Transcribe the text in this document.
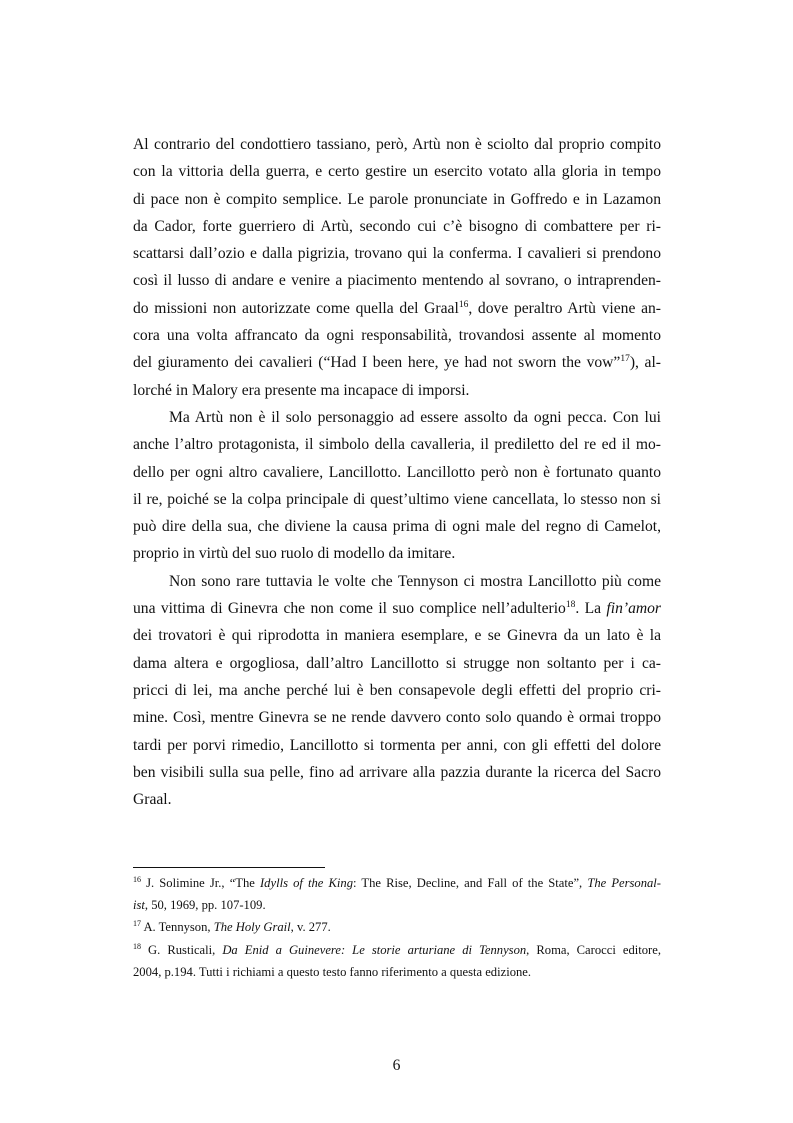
Al contrario del condottiero tassiano, però, Artù non è sciolto dal proprio compito
con la vittoria della guerra, e certo gestire un esercito votato alla gloria in tempo
di pace non è compito semplice. Le parole pronunciate in Goffredo e in Lazamon
da Cador, forte guerriero di Artù, secondo cui c’è bisogno di combattere per ri-
scattarsi dall’ozio e dalla pigrizia, trovano qui la conferma. I cavalieri si prendono
così il lusso di andare e venire a piacimento mentendo al sovrano, o intraprenden-
do missioni non autorizzate come quella del Graal$^{16}$, dove peraltro Artù viene an-
cora una volta affrancato da ogni responsabilità, trovandosi assente al momento
del giuramento dei cavalieri (“Had I been here, ye had not sworn the vow”$^{17}$), al-
lorché in Malory era presente ma incapace di imporsi.
Ma Artù non è il solo personaggio ad essere assolto da ogni pecca. Con lui
anche l’altro protagonista, il simbolo della cavalleria, il prediletto del re ed il mo-
dello per ogni altro cavaliere, Lancillotto. Lancillotto però non è fortunato quanto
il re, poiché se la colpa principale di quest’ultimo viene cancellata, lo stesso non si
può dire della sua, che diviene la causa prima di ogni male del regno di Camelot,
proprio in virtù del suo ruolo di modello da imitare.
Non sono rare tuttavia le volte che Tennyson ci mostra Lancillotto più come
una vittima di Ginevra che non come il suo complice nell’adulterio$^{18}$. La fin’amor
dei trovatori è qui riprodotta in maniera esemplare, e se Ginevra da un lato è la
dama altera e orgogliosa, dall’altro Lancillotto si strugge non soltanto per i ca-
pricci di lei, ma anche perché lui è ben consapevole degli effetti del proprio cri-
mine. Così, mentre Ginevra se ne rende davvero conto solo quando è ormai troppo
tardi per porvi rimedio, Lancillotto si tormenta per anni, con gli effetti del dolore
ben visibili sulla sua pelle, fino ad arrivare alla pazzia durante la ricerca del Sacro
Graal.
$^{16}$ J. Solimine Jr., “The Idylls of the King: The Rise, Decline, and Fall of the State”, The Personal-
ist, 50, 1969, pp. 107-109.
$^{17}$ A. Tennyson, The Holy Grail, v. 277.
$^{18}$ G. Rusticali, Da Enid a Guinevere: Le storie arturiane di Tennyson, Roma, Carocci editore,
2004, p.194. Tutti i richiami a questo testo fanno riferimento a questa edizione.
6
